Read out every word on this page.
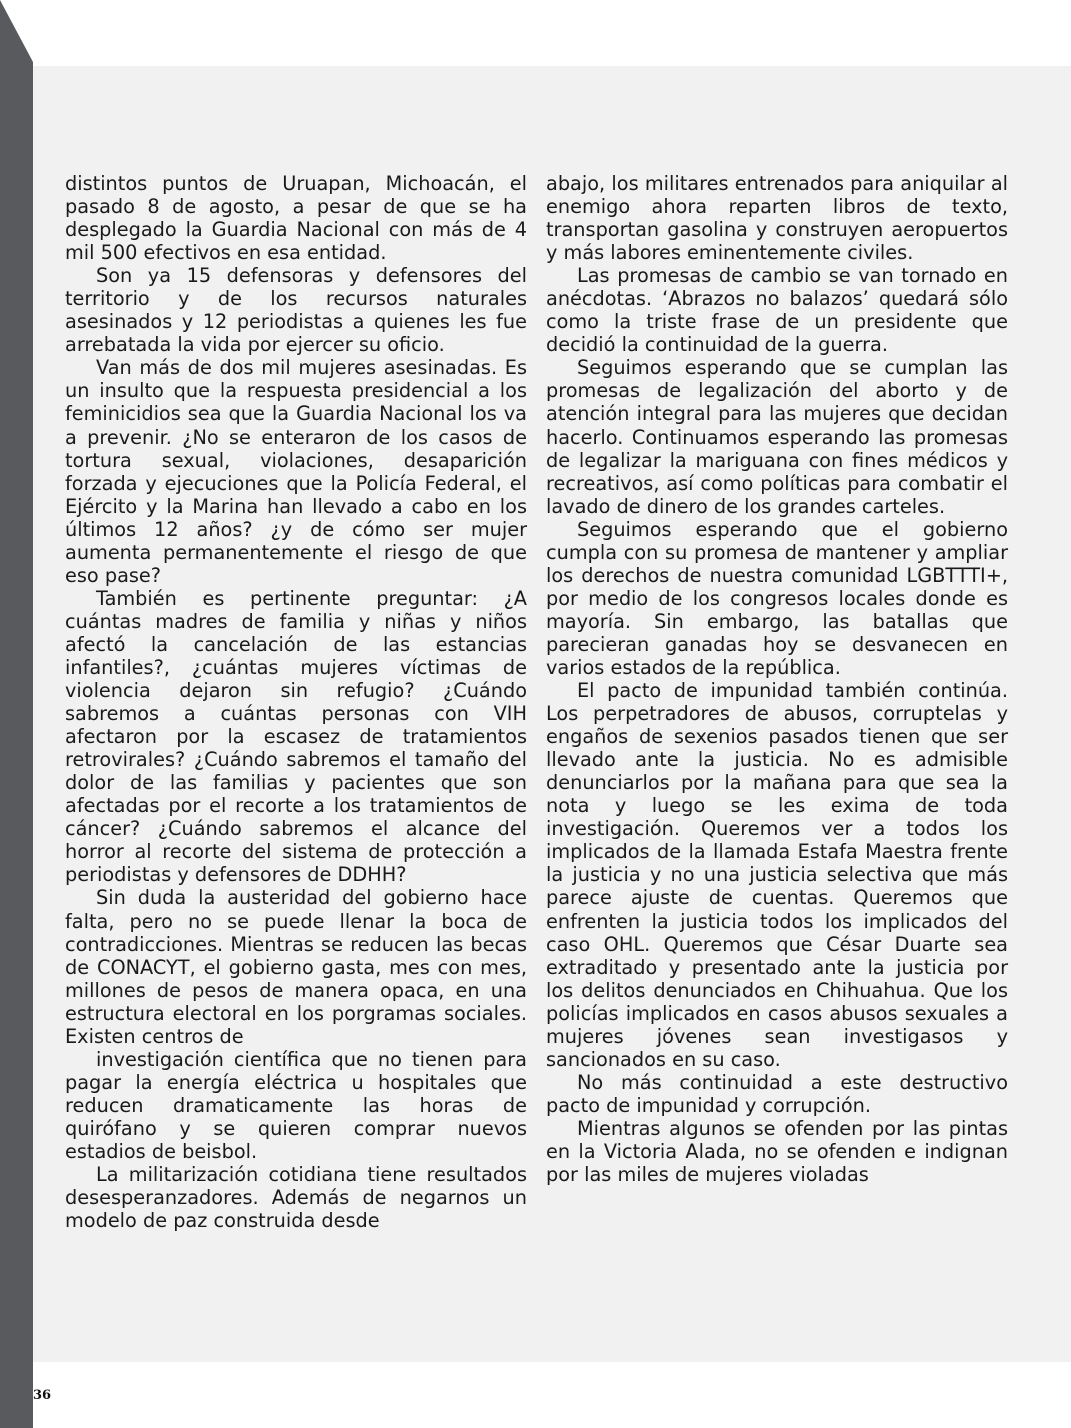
distintos puntos de Uruapan, Michoacán, el pasado 8 de agosto, a pesar de que se ha desplegado la Guardia Nacional con más de 4 mil 500 efectivos en esa entidad.

Son ya 15 defensoras y defensores del territorio y de los recursos naturales asesinados y 12 periodistas a quienes les fue arrebatada la vida por ejercer su oficio.

Van más de dos mil mujeres asesinadas. Es un insulto que la respuesta presidencial a los feminicidios sea que la Guardia Nacional los va a prevenir. ¿No se enteraron de los casos de tortura sexual, violaciones, desaparición forzada y ejecuciones que la Policía Federal, el Ejército y la Marina han llevado a cabo en los últimos 12 años? ¿y de cómo ser mujer aumenta permanentemente el riesgo de que eso pase?

También es pertinente preguntar: ¿A cuántas madres de familia y niñas y niños afectó la cancelación de las estancias infantiles?, ¿cuántas mujeres víctimas de violencia dejaron sin refugio? ¿Cuándo sabremos a cuántas personas con VIH afectaron por la escasez de tratamientos retrovirales? ¿Cuándo sabremos el tamaño del dolor de las familias y pacientes que son afectadas por el recorte a los tratamientos de cáncer? ¿Cuándo sabremos el alcance del horror al recorte del sistema de protección a periodistas y defensores de DDHH?

Sin duda la austeridad del gobierno hace falta, pero no se puede llenar la boca de contradicciones. Mientras se reducen las becas de CONACYT, el gobierno gasta, mes con mes, millones de pesos de manera opaca, en una estructura electoral en los porgramas sociales. Existen centros de

investigación científica que no tienen para pagar la energía eléctrica u hospitales que reducen dramaticamente las horas de quirófano y se quieren comprar nuevos estadios de beisbol.

La militarización cotidiana tiene resultados desesperanzadores. Además de negarnos un modelo de paz construida desde

abajo, los militares entrenados para aniquilar al enemigo ahora reparten libros de texto, transportan gasolina y construyen aeropuertos y más labores eminentemente civiles.

Las promesas de cambio se van tornado en anécdotas. ‘Abrazos no balazos’ quedará sólo como la triste frase de un presidente que decidió la continuidad de la guerra.

Seguimos esperando que se cumplan las promesas de legalización del aborto y de atención integral para las mujeres que decidan hacerlo. Continuamos esperando las promesas de legalizar la mariguana con fines médicos y recreativos, así como políticas para combatir el lavado de dinero de los grandes carteles.

Seguimos esperando que el gobierno cumpla con su promesa de mantener y ampliar los derechos de nuestra comunidad LGBTTTI+, por medio de los congresos locales donde es mayoría. Sin embargo, las batallas que parecieran ganadas hoy se desvanecen en varios estados de la república.

El pacto de impunidad también continúa. Los perpetradores de abusos, corruptelas y engaños de sexenios pasados tienen que ser llevado ante la justicia. No es admisible denunciarlos por la mañana para que sea la nota y luego se les exima de toda investigación. Queremos ver a todos los implicados de la llamada Estafa Maestra frente la justicia y no una justicia selectiva que más parece ajuste de cuentas. Queremos que enfrenten la justicia todos los implicados del caso OHL. Queremos que César Duarte sea extraditado y presentado ante la justicia por los delitos denunciados en Chihuahua. Que los policías implicados en casos abusos sexuales a mujeres jóvenes sean investigasos y sancionados en su caso.

No más continuidad a este destructivo pacto de impunidad y corrupción.

Mientras algunos se ofenden por las pintas en la Victoria Alada, no se ofenden e indignan por las miles de mujeres violadas

36
